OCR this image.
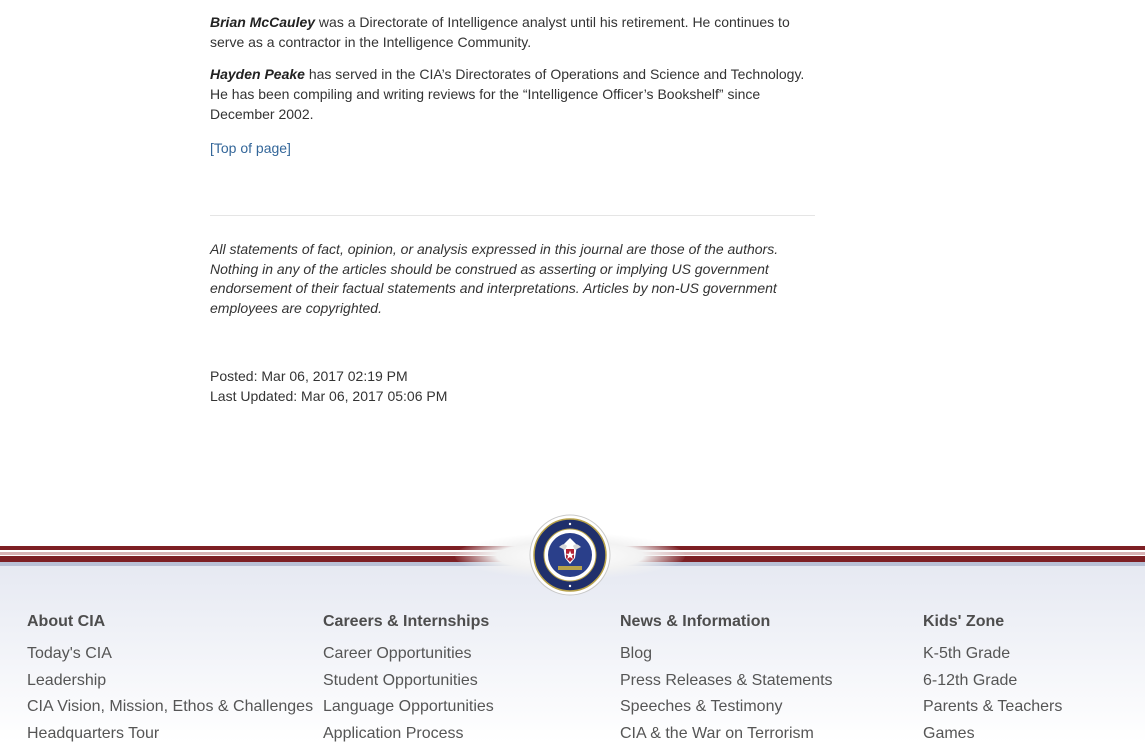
Brian McCauley was a Directorate of Intelligence analyst until his retirement. He continues to serve as a contractor in the Intelligence Community.

Hayden Peake has served in the CIA’s Directorates of Operations and Science and Technology. He has been compiling and writing reviews for the “Intelligence Officer’s Bookshelf” since December 2002.

[Top of page]

All statements of fact, opinion, or analysis expressed in this journal are those of the authors. Nothing in any of the articles should be construed as asserting or implying US government endorsement of their factual statements and interpretations. Articles by non-US government employees are copyrighted.

Posted: Mar 06, 2017 02:19 PM
Last Updated: Mar 06, 2017 05:06 PM
About CIA
Today's CIA
Leadership
CIA Vision, Mission, Ethos & Challenges
Headquarters Tour
Careers & Internships
Career Opportunities
Student Opportunities
Language Opportunities
Application Process
News & Information
Blog
Press Releases & Statements
Speeches & Testimony
CIA & the War on Terrorism
Kids' Zone
K-5th Grade
6-12th Grade
Parents & Teachers
Games
